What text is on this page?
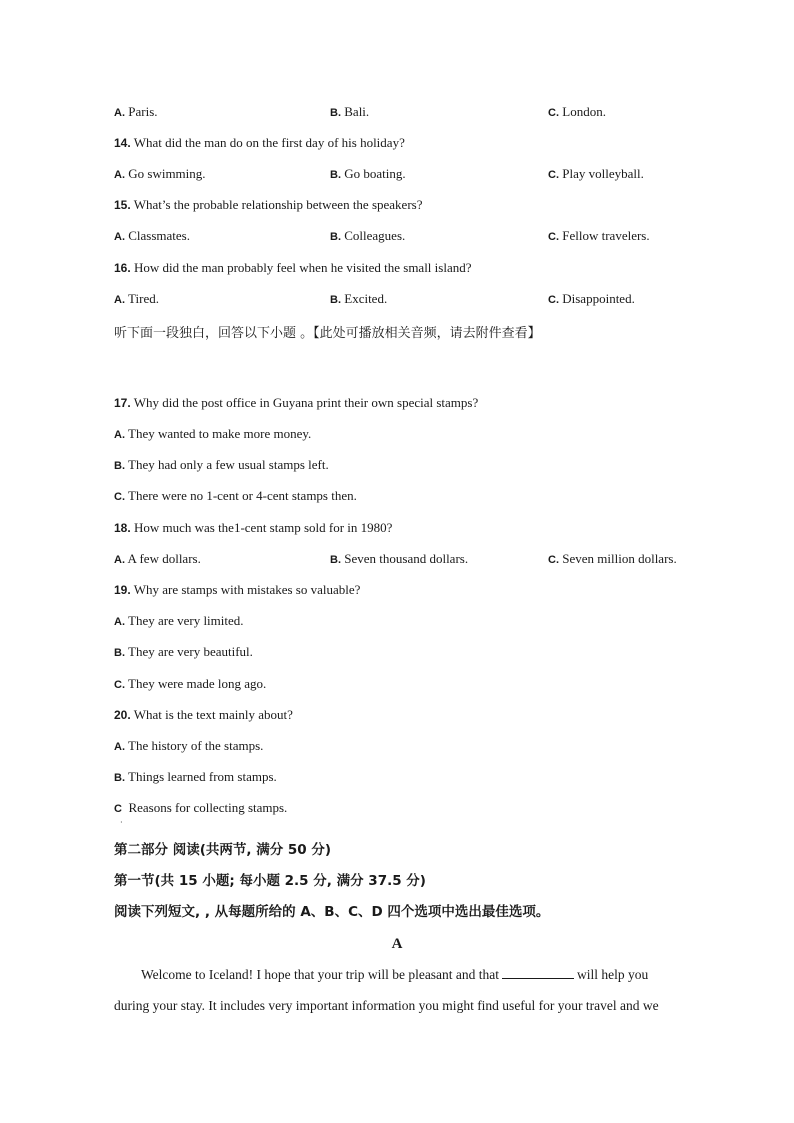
A. Paris.	B. Bali.	C. London.
14. What did the man do on the first day of his holiday?
A. Go swimming.	B. Go boating.	C. Play volleyball.
15. What’s the probable relationship between the speakers?
A. Classmates.	B. Colleagues.	C. Fellow travelers.
16. How did the man probably feel when he visited the small island?
A. Tired.	B. Excited.	C. Disappointed.
听下面一段独白，回答以下小题 。【此处可播放相关音频，请去附件查看】
17. Why did the post office in Guyana print their own special stamps?
A. They wanted to make more money.
B. They had only a few usual stamps left.
C. There were no 1-cent or 4-cent stamps then.
18. How much was the1-cent stamp sold for in 1980?
A. A few dollars.	B. Seven thousand dollars.	C. Seven million dollars.
19. Why are stamps with mistakes so valuable?
A. They are very limited.
B. They are very beautiful.
C. They were made long ago.
20. What is the text mainly about?
A. The history of the stamps.
B. Things learned from stamps.
C Reasons for collecting stamps.
·
第二部分 阅读(共两节, 满分 50 分)
第一节(共 15 小题; 每小题 2.5 分, 满分 37.5 分)
阅读下列短文, , 从每题所给的 A、B、C、D 四个选项中选出最佳选项。
A
Welcome to Iceland! I hope that your trip will be pleasant and that	will help you
during your stay. It includes very important information you might find useful for your travel and we
